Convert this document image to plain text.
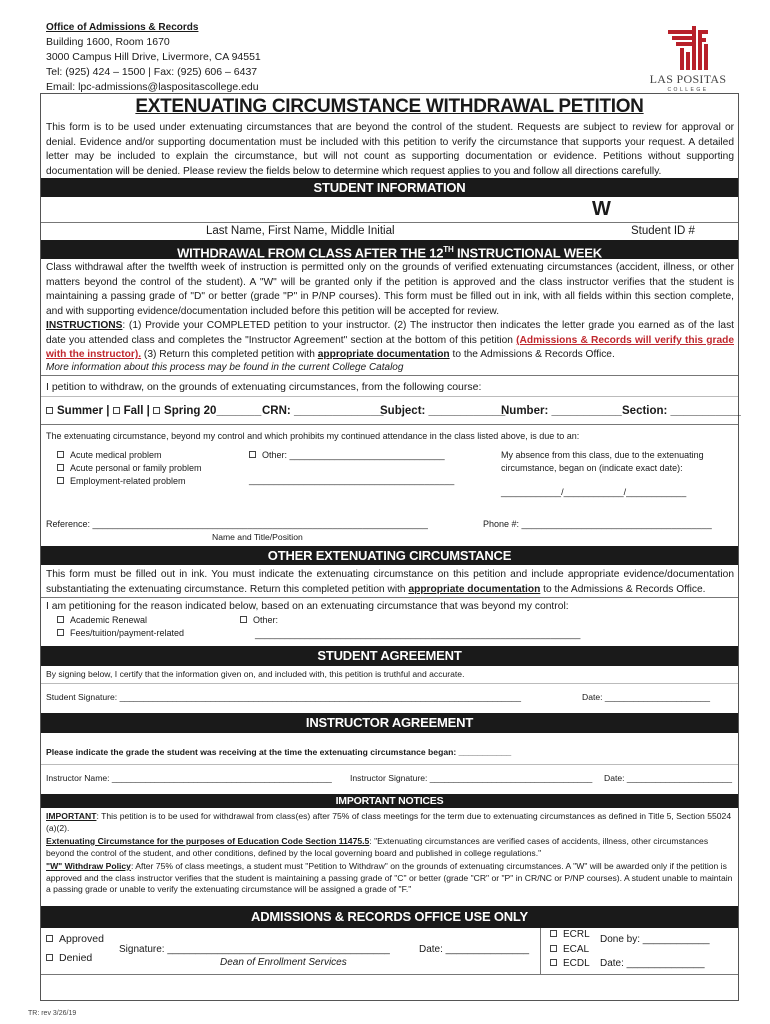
Office of Admissions & Records
Building 1600, Room 1670
3000 Campus Hill Drive, Livermore, CA 94551
Tel: (925) 424 – 1500 | Fax: (925) 606 – 6437
Email: lpc-admissions@laspositascollege.edu
LAS POSITAS
COLLEGE
EXTENUATING CIRCUMSTANCE WITHDRAWAL PETITION
This form is to be used under extenuating circumstances that are beyond the control of the student. Requests are subject to review for approval or denial. Evidence and/or supporting documentation must be included with this petition to verify the circumstance that supports your request. A detailed letter may be included to explain the circumstance, but will not count as supporting documentation or evidence. Petitions without supporting documentation will be denied. Please review the fields below to determine which request applies to you and follow all directions carefully.
STUDENT INFORMATION
W
Last Name, First Name, Middle Initial	Student ID #
WITHDRAWAL FROM CLASS AFTER THE 12TH INSTRUCTIONAL WEEK
Class withdrawal after the twelfth week of instruction is permitted only on the grounds of verified extenuating circumstances (accident, illness, or other matters beyond the control of the student). A "W" will be granted only if the petition is approved and the class instructor verifies that the student is maintaining a passing grade of "D" or better (grade "P" in P/NP courses). This form must be filled out in ink, with all fields within this section complete, and with supporting evidence/documentation included before this petition will be accepted for review.
INSTRUCTIONS: (1) Provide your COMPLETED petition to your instructor. (2) The instructor then indicates the letter grade you earned as of the last date you attended class and completes the "Instructor Agreement" section at the bottom of this petition (Admissions & Records will verify this grade with the instructor). (3) Return this completed petition with appropriate documentation to the Admissions & Records Office.
More information about this process may be found in the current College Catalog
I petition to withdraw, on the grounds of extenuating circumstances, from the following course:
Summer | Fall | Spring 20_______ CRN: ______________
Subject: ____________
Number: ___________ Section: ___________
The extenuating circumstance, beyond my control and which prohibits my continued attendance in the class listed above, is due to an:
Acute medical problem
Acute personal or family problem
Employment-related problem
Other: _______________________________
_________________________________________
My absence from this class, due to the extenuating circumstance, began on (indicate exact date):
____________/____________/____________
Reference: ___________________________________________________________________	Phone #: ______________________________________
Name and Title/Position
OTHER EXTENUATING CIRCUMSTANCE
This form must be filled out in ink. You must indicate the extenuating circumstance on this petition and include appropriate evidence/documentation substantiating the extenuating circumstance. Return this completed petition with appropriate documentation to the Admissions & Records Office.
I am petitioning for the reason indicated below, based on an extenuating circumstance that was beyond my control:
Academic Renewal
Fees/tuition/payment-related
Other:
_________________________________________________________________
STUDENT AGREEMENT
By signing below, I certify that the information given on, and included with, this petition is truthful and accurate.
Student Signature: ____________________________________________________________________________________	Date: ______________________
INSTRUCTOR AGREEMENT
Please indicate the grade the student was receiving at the time the extenuating circumstance began: ___________
Instructor Name: ______________________________________________ Instructor Signature: __________________________________ Date: ______________________
IMPORTANT NOTICES
IMPORTANT: This petition is to be used for withdrawal from class(es) after 75% of class meetings for the term due to extenuating circumstances as defined in Title 5, Section 55024 (a)(2).
Extenuating Circumstance for the purposes of Education Code Section 11475.5: "Extenuating circumstances are verified cases of accidents, illness, other circumstances beyond the control of the student, and other conditions, defined by the local governing board and published in college regulations."
"W" Withdraw Policy: After 75% of class meetings, a student must "Petition to Withdraw" on the grounds of extenuating circumstances. A "W" will be awarded only if the petition is approved and the class instructor verifies that the student is maintaining a passing grade of "C" or better (grade "CR" or "P" in CR/NC or P/NP courses). A student unable to maintain a passing grade or unable to verify the extenuating circumstance will be assigned a grade of "F."
ADMISSIONS & RECORDS OFFICE USE ONLY
Approved
Denied
Signature: ________________________________________	Date: _______________
Dean of Enrollment Services
ECRL
ECAL
ECDL
Done by: ____________
Date: ______________
TR: rev 3/26/19
